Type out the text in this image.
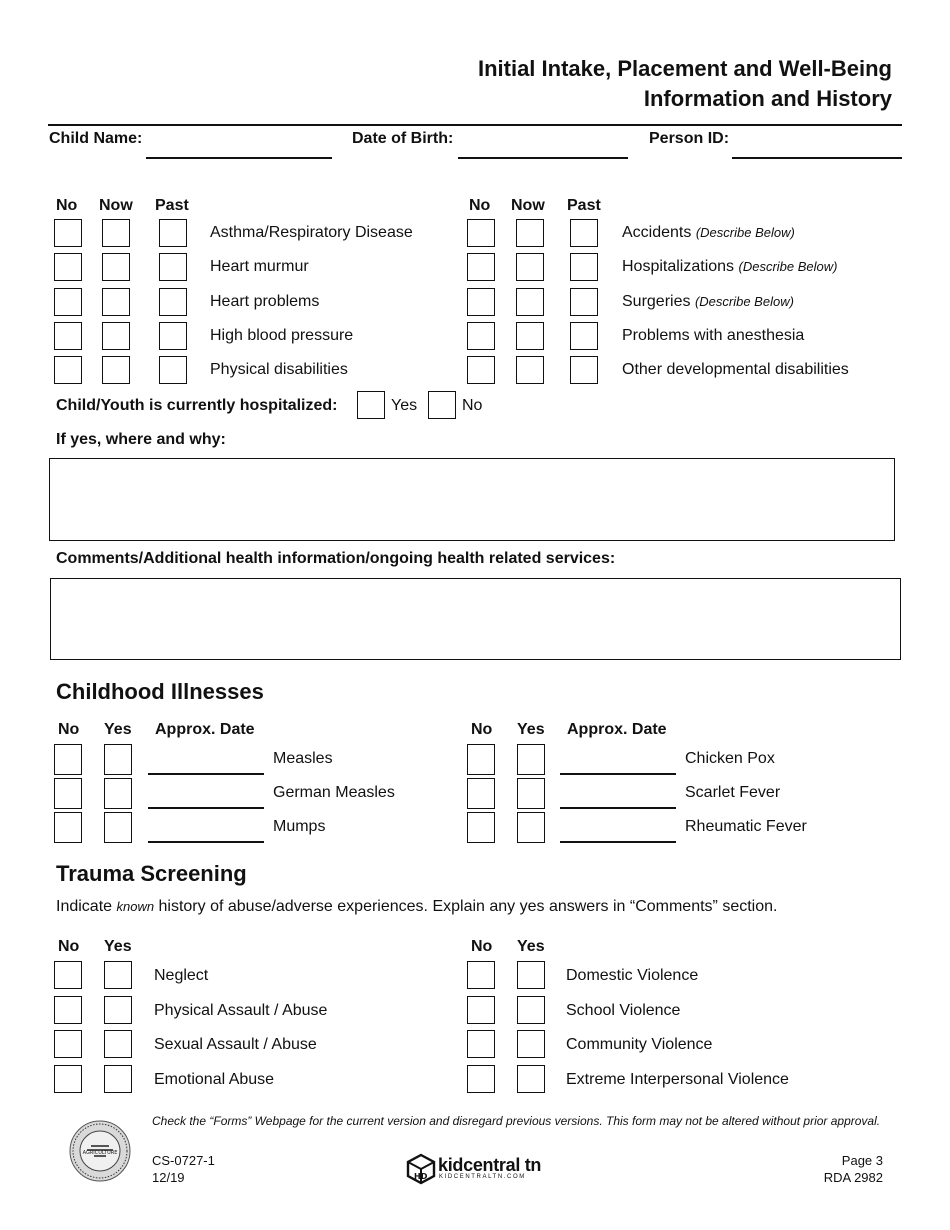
Initial Intake, Placement and Well-Being
Information and History
Child Name:	Date of Birth:	Person ID:
No Now Past	No Now Past
Asthma/Respiratory Disease	Accidents (Describe Below)
Heart murmur	Hospitalizations (Describe Below)
Heart problems	Surgeries (Describe Below)
High blood pressure	Problems with anesthesia
Physical disabilities	Other developmental disabilities
Child/Youth is currently hospitalized:	Yes	No
If yes, where and why:
Comments/Additional health information/ongoing health related services:
Childhood Illnesses
No Yes Approx. Date	No Yes Approx. Date
Measles	Chicken Pox
German Measles	Scarlet Fever
Mumps	Rheumatic Fever
Trauma Screening
Indicate known history of abuse/adverse experiences. Explain any yes answers in “Comments” section.
No Yes	No Yes
Neglect	Domestic Violence
Physical Assault / Abuse	School Violence
Sexual Assault / Abuse	Community Violence
Emotional Abuse	Extreme Interpersonal Violence
AGRICULTURE
Check the “Forms” Webpage for the current version and disregard previous versions. This form may not be altered without prior approval.
CS-0727-1
12/19	HD
kidcentral tn
KIDCENTRALTN.COM
Page 3
RDA 2982
